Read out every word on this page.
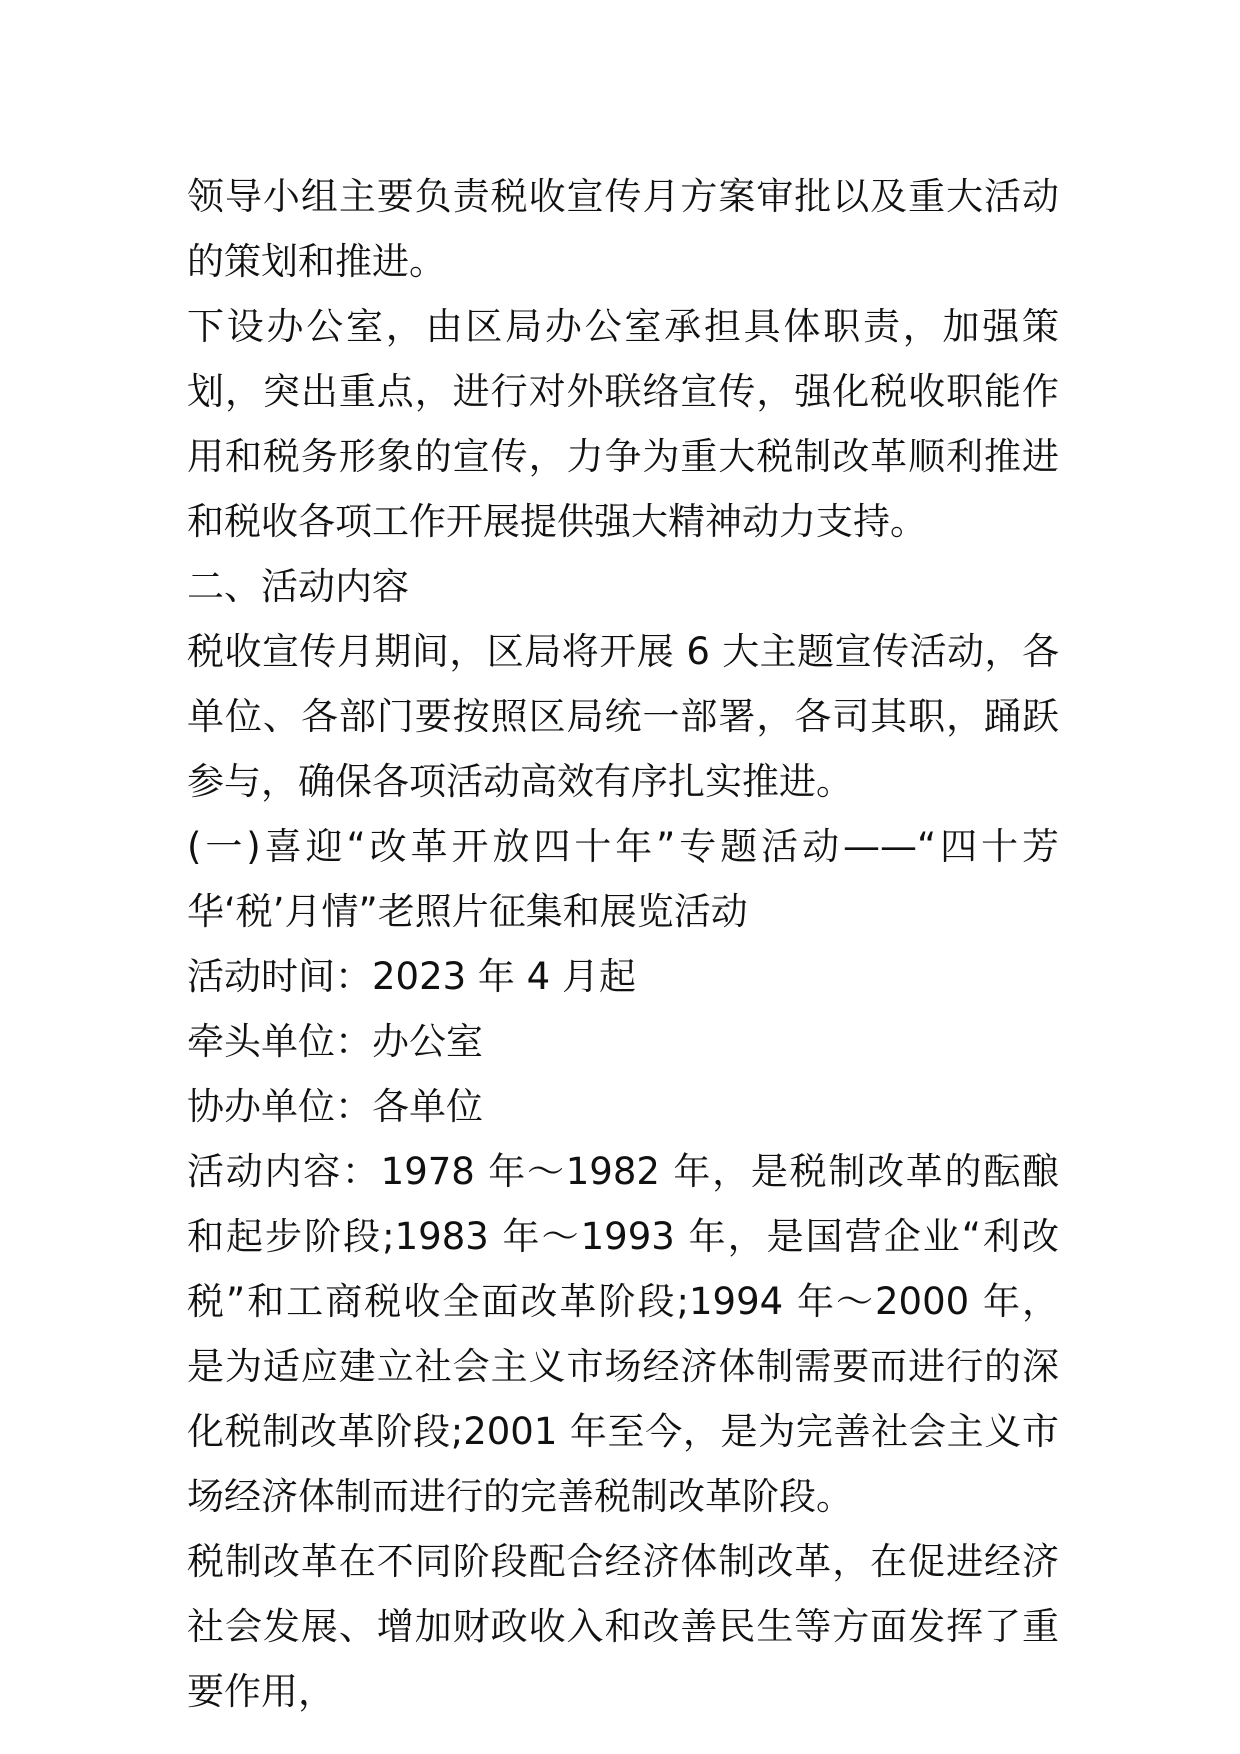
领导小组主要负责税收宣传月方案审批以及重大活动的策划和推进。

下设办公室，由区局办公室承担具体职责，加强策划，突出重点，进行对外联络宣传，强化税收职能作用和税务形象的宣传，力争为重大税制改革顺利推进和税收各项工作开展提供强大精神动力支持。

二、活动内容

税收宣传月期间，区局将开展 6 大主题宣传活动，各单位、各部门要按照区局统一部署，各司其职，踊跃参与，确保各项活动高效有序扎实推进。

(一)喜迎“改革开放四十年”专题活动——“四十芳华‘税’月情”老照片征集和展览活动

活动时间：2023 年 4 月起

牵头单位：办公室

协办单位：各单位

活动内容：1978 年～1982 年，是税制改革的酝酿和起步阶段;1983 年～1993 年，是国营企业“利改税”和工商税收全面改革阶段;1994 年～2000 年，是为适应建立社会主义市场经济体制需要而进行的深化税制改革阶段;2001 年至今，是为完善社会主义市场经济体制而进行的完善税制改革阶段。

税制改革在不同阶段配合经济体制改革，在促进经济社会发展、增加财政收入和改善民生等方面发挥了重要作用，
